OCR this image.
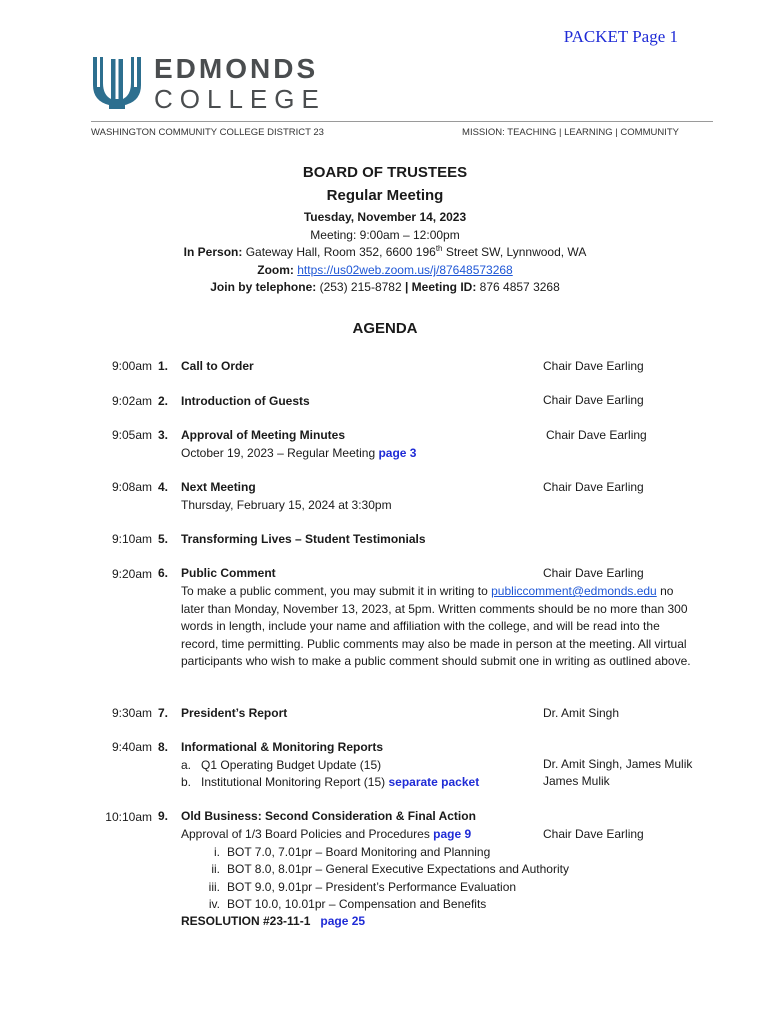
PACKET Page 1
EDMONDS
COLLEGE
WASHINGTON COMMUNITY COLLEGE DISTRICT 23	MISSION: TEACHING | LEARNING | COMMUNITY
BOARD OF TRUSTEES
Regular Meeting
Tuesday, November 14, 2023
Meeting: 9:00am – 12:00pm
In Person: Gateway Hall, Room 352, 6600 196th Street SW, Lynnwood, WA
Zoom: https://us02web.zoom.us/j/87648573268
Join by telephone: (253) 215-8782 | Meeting ID: 876 4857 3268
AGENDA
9:00am 1. Call to Order	Chair Dave Earling
9:02am 2. Introduction of Guests	Chair Dave Earling
9:05am 3. Approval of Meeting Minutes	Chair Dave Earling
October 19, 2023 – Regular Meeting page 3
9:08am 4. Next Meeting	Chair Dave Earling
Thursday, February 15, 2024 at 3:30pm
9:10am 5. Transforming Lives – Student Testimonials
9:20am 6. Public Comment	Chair Dave Earling
To make a public comment, you may submit it in writing to publiccomment@edmonds.edu no later than Monday, November 13, 2023, at 5pm. Written comments should be no more than 300 words in length, include your name and affiliation with the college, and will be read into the record, time permitting. Public comments may also be made in person at the meeting. All virtual participants who wish to make a public comment should submit one in writing as outlined above.
9:30am 7. President’s Report	Dr. Amit Singh
9:40am 8. Informational & Monitoring Reports
a. Q1 Operating Budget Update (15)	Dr. Amit Singh, James Mulik
b. Institutional Monitoring Report (15) separate packet	James Mulik
10:10am 9. Old Business: Second Consideration & Final Action
Approval of 1/3 Board Policies and Procedures page 9	Chair Dave Earling
i. BOT 7.0, 7.01pr – Board Monitoring and Planning
ii. BOT 8.0, 8.01pr – General Executive Expectations and Authority
iii. BOT 9.0, 9.01pr – President’s Performance Evaluation
iv. BOT 10.0, 10.01pr – Compensation and Benefits
RESOLUTION #23-11-1 page 25
